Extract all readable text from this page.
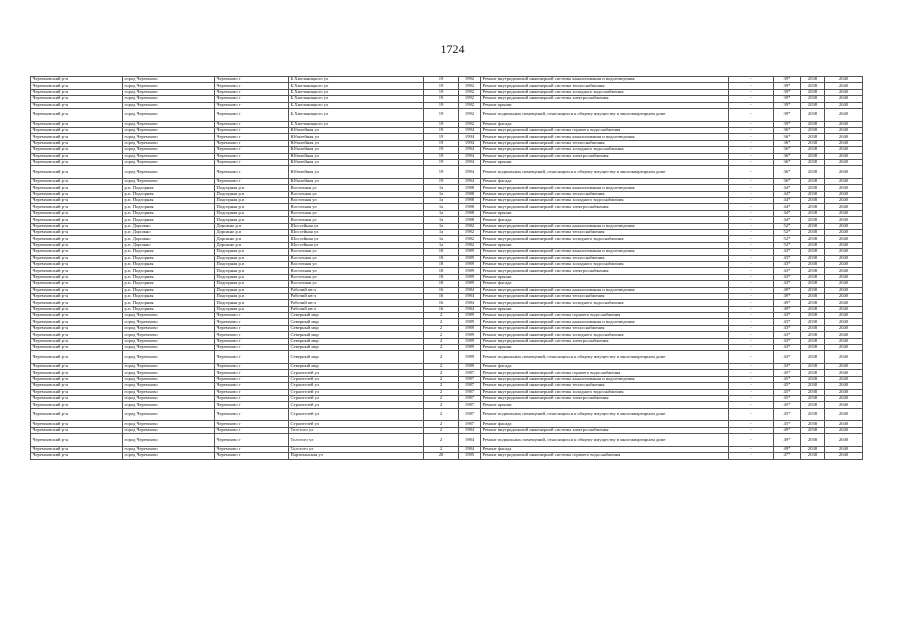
1724
Черемховский р-н	город Черемхово	Черемхово г	Б.Хмельницкого ул	19	1992	Ремонт внутридомовой инженерной системы канализования и водоотведения	-	39*	2038	2040
Черемховский р-н	город Черемхово	Черемхово г	Б.Хмельницкого ул	19	1992	Ремонт внутридомовой инженерной системы теплоснабжения	-	39*	2038	2040
Черемховский р-н	город Черемхово	Черемхово г	Б.Хмельницкого ул	19	1992	Ремонт внутридомовой инженерной системы холодного водоснабжения	-	39*	2038	2040
Черемховский р-н	город Черемхово	Черемхово г	Б.Хмельницкого ул	19	1992	Ремонт внутридомовой инженерной системы электроснабжения	-	39*	2038	2040
Черемховский р-н	город Черемхово	Черемхово г	Б.Хмельницкого ул	19	1992	Ремонт крыши	-	39*	2038	2040
Черемховский р-н	город Черемхово	Черемхово г	Б.Хмельницкого ул	19	1992	Ремонт подвальных помещений, относящихся к общему имуществу в многоквартирном доме	-	39*	2038	2040
Черемховский р-н	город Черемхово	Черемхово г	Б.Хмельницкого ул	19	1992	Ремонт фасада	-	39*	2038	2040
Черемховский р-н	город Черемхово	Черемхово г	Юбилейная ул	19	1994	Ремонт внутридомовой инженерной системы горячего водоснабжения	-	36*	2038	2040
Черемховский р-н	город Черемхово	Черемхово г	Юбилейная ул	19	1994	Ремонт внутридомовой инженерной системы канализования и водоотведения	-	36*	2038	2040
Черемховский р-н	город Черемхово	Черемхово г	Юбилейная ул	19	1994	Ремонт внутридомовой инженерной системы теплоснабжения	-	36*	2038	2040
Черемховский р-н	город Черемхово	Черемхово г	Юбилейная ул	19	1994	Ремонт внутридомовой инженерной системы холодного водоснабжения	-	36*	2038	2040
Черемховский р-н	город Черемхово	Черемхово г	Юбилейная ул	19	1994	Ремонт внутридомовой инженерной системы электроснабжения	-	36*	2038	2040
Черемховский р-н	город Черемхово	Черемхово г	Юбилейная ул	19	1994	Ремонт крыши	-	36*	2038	2040
Черемховский р-н	город Черемхово	Черемхово г	Юбилейная ул	19	1994	Ремонт подвальных помещений, относящихся к общему имуществу в многоквартирном доме	-	36*	2038	2040
Черемховский р-н	город Черемхово	Черемхово г	Юбилейная ул	19	1994	Ремонт фасада	-	36*	2038	2040
Черемховский р-н	р.п. Подгорная	Подгорная р.п	Восточная ул	1а	1988	Ремонт внутридомовой инженерной системы канализования и водоотведения	-	44*	2038	2040
Черемховский р-н	р.п. Подгорная	Подгорная р.п	Восточная ул	1а	1988	Ремонт внутридомовой инженерной системы теплоснабжения	-	44*	2038	2040
Черемховский р-н	р.п. Подгорная	Подгорная р.п	Восточная ул	1а	1988	Ремонт внутридомовой инженерной системы холодного водоснабжения	-	44*	2038	2040
Черемховский р-н	р.п. Подгорная	Подгорная р.п	Восточная ул	1а	1988	Ремонт внутридомовой инженерной системы электроснабжения	-	44*	2038	2040
Черемховский р-н	р.п. Подгорная	Подгорная р.п	Восточная ул	1а	1988	Ремонт крыши	-	44*	2038	2040
Черемховский р-н	р.п. Подгорная	Подгорная р.п	Восточная ул	1а	1988	Ремонт фасада	-	44*	2038	2040
Черемховский р-н	р.п. Дорожно	Дорожно р.п	Шоссейная ул	1а	1982	Ремонт внутридомовой инженерной системы канализования и водоотведения	-	52*	2038	2040
Черемховский р-н	р.п. Дорожно	Дорожно р.п	Шоссейная ул	1а	1982	Ремонт внутридомовой инженерной системы теплоснабжения	-	52*	2038	2040
Черемховский р-н	р.п. Дорожно	Дорожно р.п	Шоссейная ул	1а	1982	Ремонт внутридомовой инженерной системы холодного водоснабжения	-	52*	2038	2040
Черемховский р-н	р.п. Дорожно	Дорожно р.п	Шоссейная ул	1а	1982	Ремонт крыши	-	52*	2038	2040
Черемховский р-н	р.п. Подгорная	Подгорная р.п	Восточная ул	18	1989	Ремонт внутридомовой инженерной системы канализования и водоотведения	-	43*	2038	2040
Черемховский р-н	р.п. Подгорная	Подгорная р.п	Восточная ул	18	1989	Ремонт внутридомовой инженерной системы теплоснабжения	-	43*	2038	2040
Черемховский р-н	р.п. Подгорная	Подгорная р.п	Восточная ул	18	1989	Ремонт внутридомовой инженерной системы холодного водоснабжения	-	43*	2038	2040
Черемховский р-н	р.п. Подгорная	Подгорная р.п	Восточная ул	18	1989	Ремонт внутридомовой инженерной системы электроснабжения	-	43*	2038	2040
Черемховский р-н	р.п. Подгорная	Подгорная р.п	Восточная ул	18	1989	Ремонт крыши	-	43*	2038	2040
Черемховский р-н	р.п. Подгорная	Подгорная р.п	Восточная ул	18	1989	Ремонт фасада	-	43*	2038	2040
Черемховский р-н	р.п. Подгорная	Подгорная р.п	Рабочий кв-л	16	1984	Ремонт внутридомовой инженерной системы канализования и водоотведения	-	49*	2038	2040
Черемховский р-н	р.п. Подгорная	Подгорная р.п	Рабочий кв-л	16	1984	Ремонт внутридомовой инженерной системы теплоснабжения	-	49*	2038	2040
Черемховский р-н	р.п. Подгорная	Подгорная р.п	Рабочий кв-л	16	1984	Ремонт внутридомовой инженерной системы холодного водоснабжения	-	49*	2038	2040
Черемховский р-н	р.п. Подгорная	Подгорная р.п	Рабочий кв-л	16	1984	Ремонт крыши	-	49*	2038	2040
Черемховский р-н	город Черемхово	Черемхово г	Северный мкр	2	1989	Ремонт внутридомовой инженерной системы горячего водоснабжения	-	43*	2038	2040
Черемховский р-н	город Черемхово	Черемхово г	Северный мкр	2	1989	Ремонт внутридомовой инженерной системы канализования и водоотведения	-	43*	2038	2040
Черемховский р-н	город Черемхово	Черемхово г	Северный мкр	2	1989	Ремонт внутридомовой инженерной системы теплоснабжения	-	43*	2038	2040
Черемховский р-н	город Черемхово	Черемхово г	Северный мкр	2	1989	Ремонт внутридомовой инженерной системы холодного водоснабжения	-	43*	2038	2040
Черемховский р-н	город Черемхово	Черемхово г	Северный мкр	2	1989	Ремонт внутридомовой инженерной системы электроснабжения	-	43*	2038	2040
Черемховский р-н	город Черемхово	Черемхово г	Северный мкр	2	1989	Ремонт крыши	-	43*	2038	2040
Черемховский р-н	город Черемхово	Черемхово г	Северный мкр	2	1989	Ремонт подвальных помещений, относящихся к общему имуществу в многоквартирном доме	-	43*	2038	2040
Черемховский р-н	город Черемхово	Черемхово г	Северный мкр	2	1989	Ремонт фасада	-	43*	2038	2040
Черемховский р-н	город Черемхово	Черемхово г	Строителей ул	2	1987	Ремонт внутридомовой инженерной системы горячего водоснабжения	-	45*	2038	2040
Черемховский р-н	город Черемхово	Черемхово г	Строителей ул	2	1987	Ремонт внутридомовой инженерной системы канализования и водоотведения	-	45*	2038	2040
Черемховский р-н	город Черемхово	Черемхово г	Строителей ул	2	1987	Ремонт внутридомовой инженерной системы теплоснабжения	-	45*	2038	2040
Черемховский р-н	город Черемхово	Черемхово г	Строителей ул	2	1987	Ремонт внутридомовой инженерной системы холодного водоснабжения	-	45*	2038	2040
Черемховский р-н	город Черемхово	Черемхово г	Строителей ул	2	1987	Ремонт внутридомовой инженерной системы электроснабжения	-	45*	2038	2040
Черемховский р-н	город Черемхово	Черемхово г	Строителей ул	2	1987	Ремонт крыши	-	45*	2038	2040
Черемховский р-н	город Черемхово	Черемхово г	Строителей ул	2	1987	Ремонт подвальных помещений, относящихся к общему имуществу в многоквартирном доме	-	45*	2038	2040
Черемховский р-н	город Черемхово	Черемхово г	Строителей ул	2	1987	Ремонт фасада	-	45*	2038	2040
Черемховский р-н	город Черемхово	Черемхово г	Толстого ул	2	1984	Ремонт внутридомовой инженерной системы электроснабжения	-	49*	2038	2040
Черемховский р-н	город Черемхово	Черемхово г	Толстого ул	2	1984	Ремонт подвальных помещений, относящихся к общему имуществу в многоквартирном доме	-	49*	2038	2040
Черемховский р-н	город Черемхово	Черемхово г	Толстого ул	2	1984	Ремонт фасада	-	49*	2038	2040
Черемховский р-н	город Черемхово	Черемхово г	Партизанская ул	20	1985	Ремонт внутридомовой инженерной системы горячего водоснабжения	-	47*	2038	2040
